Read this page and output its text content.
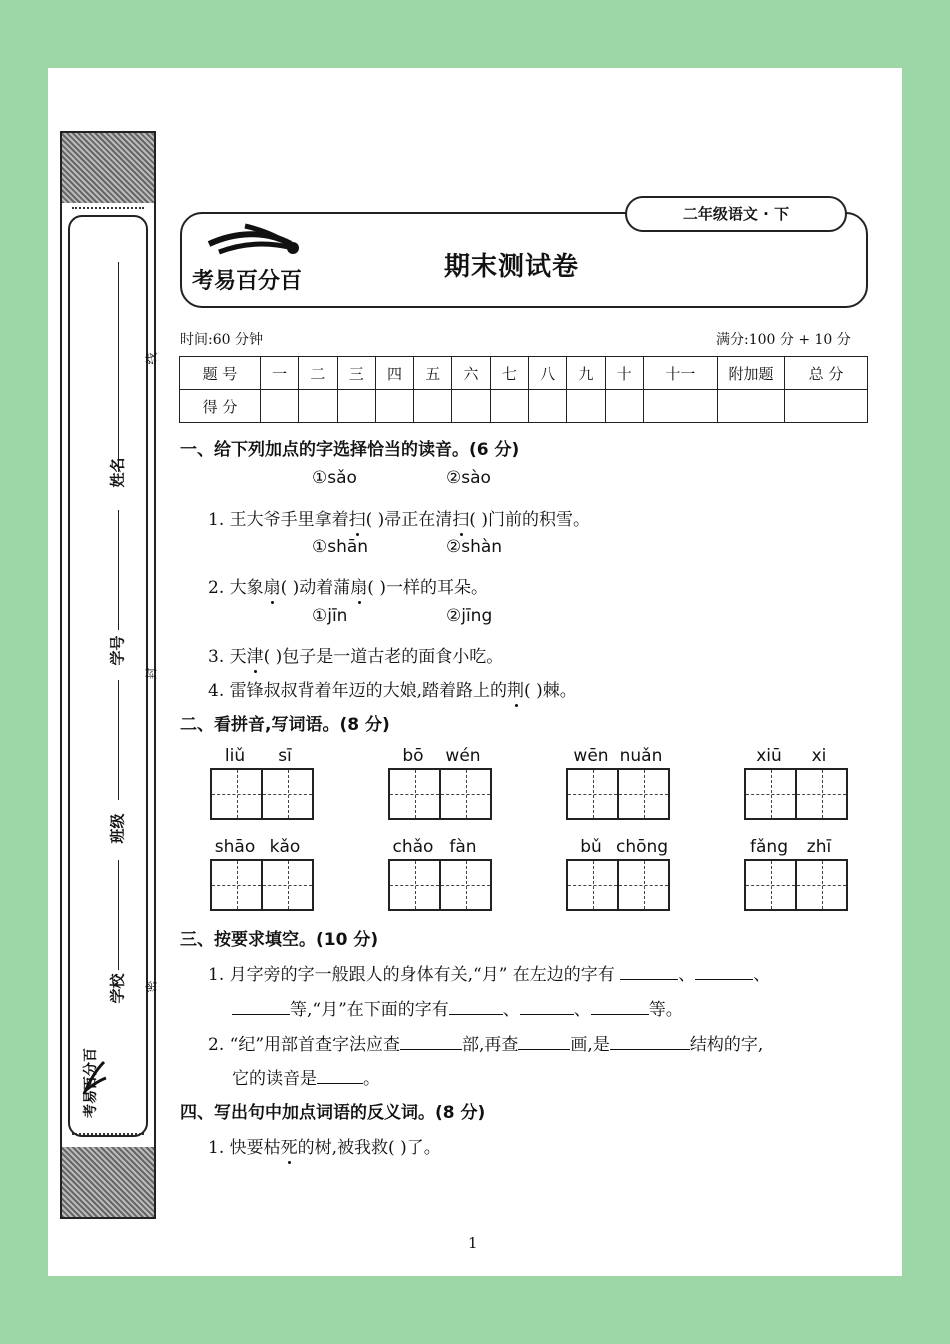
姓名
学号
班级
学校
线
封
密
考易百分百
二年级语文 · 下
考易百分百	期末测试卷
时间:60 分钟	满分:100 分 + 10 分
题 号	一	二	三	四	五	六	七	八	九	十	十一	附加题	总 分
得 分													
一、给下列加点的字选择恰当的读音。(6 分)
①sǎo	②sào
1. 王大爷手里拿着扫( )帚正在清扫( )门前的积雪。
①shān	②shàn
2. 大象扇( )动着蒲扇( )一样的耳朵。
①jīn	②jīng
3. 天津( )包子是一道古老的面食小吃。
4. 雷锋叔叔背着年迈的大娘,踏着路上的荆( )棘。
二、看拼音,写词语。(8 分)
liǔ	sī	bō	wén	wēn nuǎn	xiū	xi
shāo kǎo	chǎo fàn	bǔ chōng	fǎng	zhī
三、按要求填空。(10 分)
1. 月字旁的字一般跟人的身体有关,“月” 在左边的字有	、	、
等,“月”在下面的字有	、	、	等。
2. “纪”用部首查字法应查	部,再查	画,是	结构的字,
它的读音是	。
四、写出句中加点词语的反义词。(8 分)
1. 快要枯死的树,被我救( )了。
1
